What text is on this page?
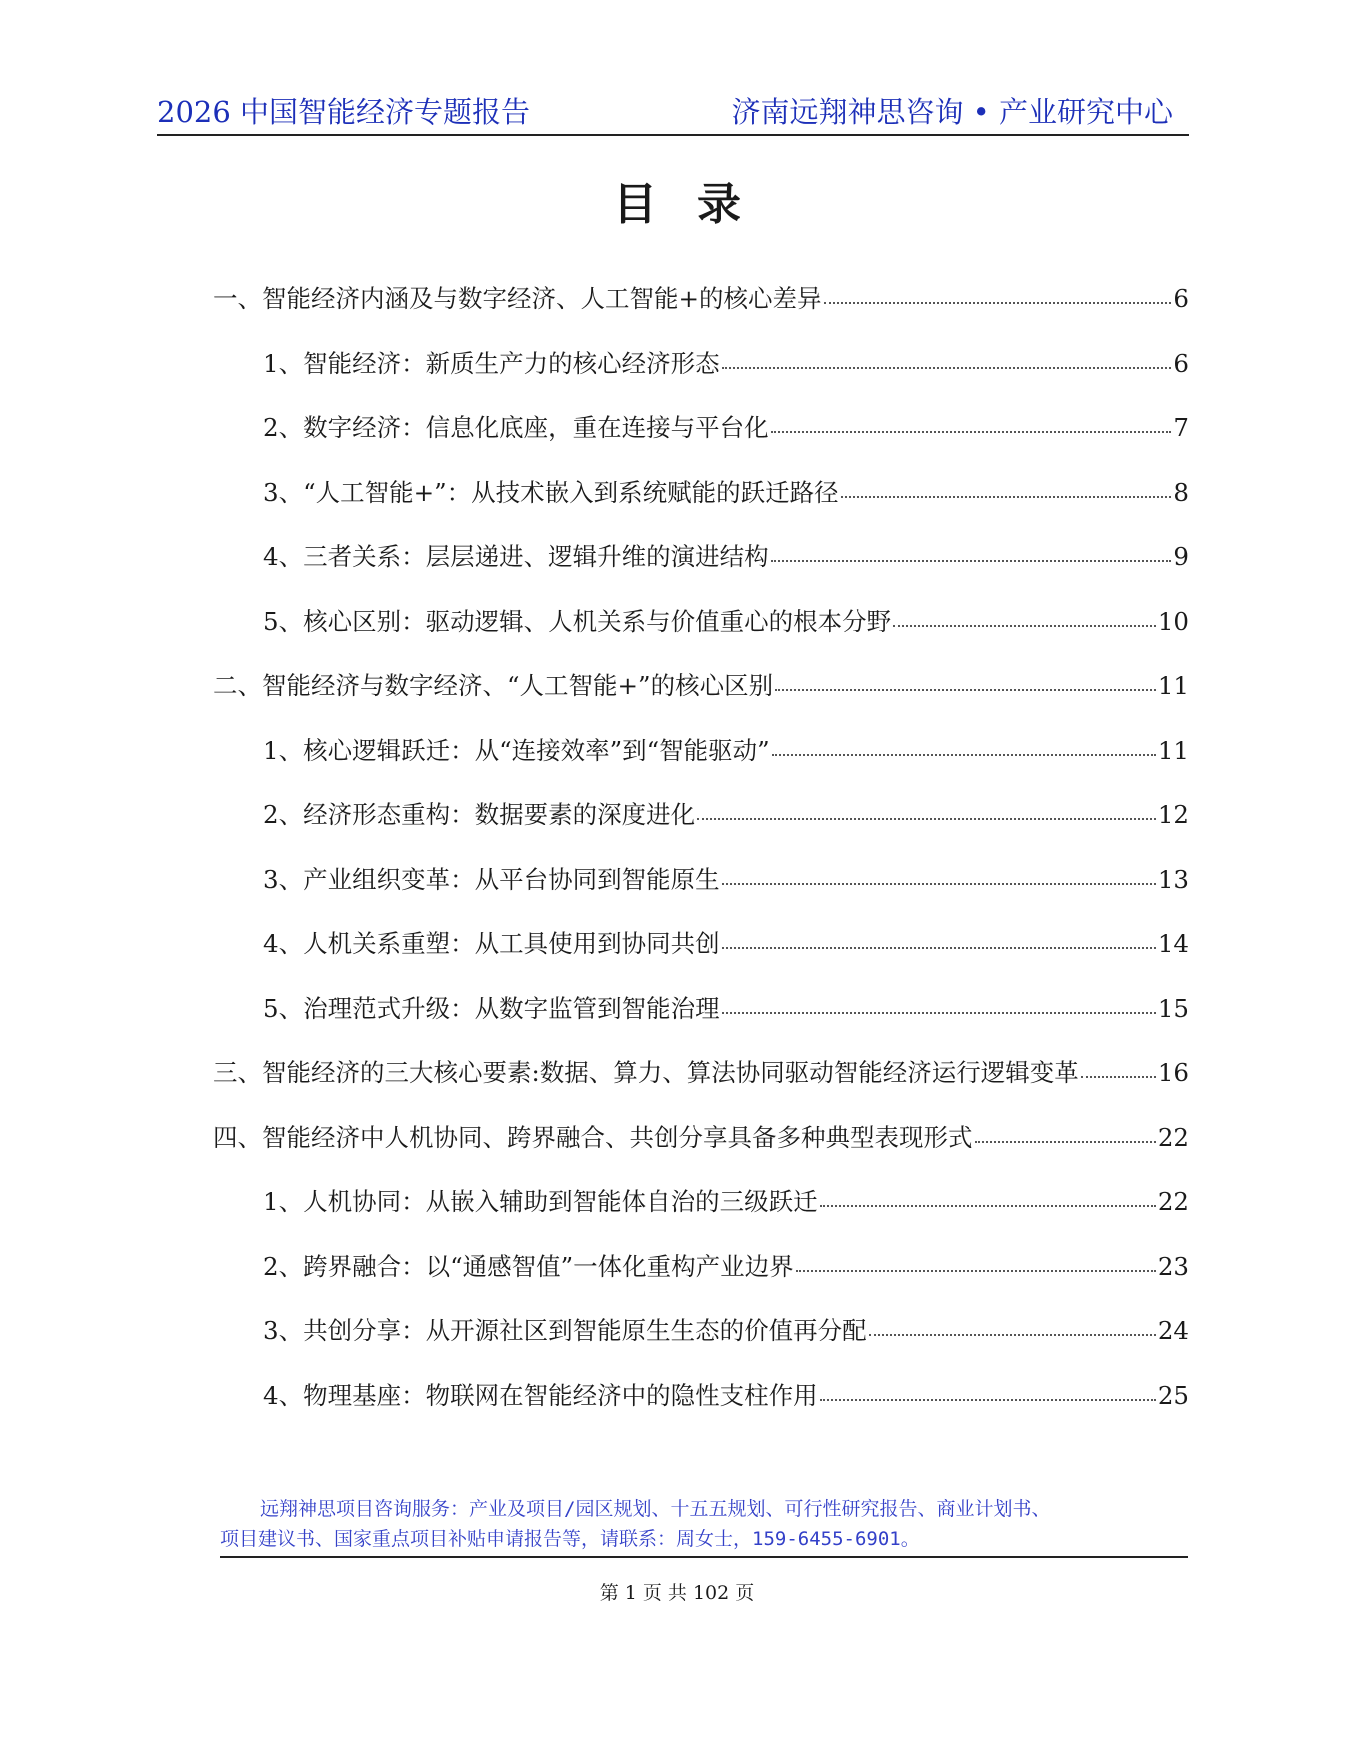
2026 中国智能经济专题报告	济南远翔神思咨询 • 产业研究中心
目录
一、智能经济内涵及与数字经济、人工智能+的核心差异	6
1、智能经济：新质生产力的核心经济形态	6
2、数字经济：信息化底座，重在连接与平台化	7
3、“人工智能+”：从技术嵌入到系统赋能的跃迁路径	8
4、三者关系：层层递进、逻辑升维的演进结构	9
5、核心区别：驱动逻辑、人机关系与价值重心的根本分野	10
二、智能经济与数字经济、“人工智能+”的核心区别	11
1、核心逻辑跃迁：从“连接效率”到“智能驱动”	11
2、经济形态重构：数据要素的深度进化	12
3、产业组织变革：从平台协同到智能原生	13
4、人机关系重塑：从工具使用到协同共创	14
5、治理范式升级：从数字监管到智能治理	15
三、智能经济的三大核心要素:数据、算力、算法协同驱动智能经济运行逻辑变革	16
四、智能经济中人机协同、跨界融合、共创分享具备多种典型表现形式	22
1、人机协同：从嵌入辅助到智能体自治的三级跃迁	22
2、跨界融合：以“通感智值”一体化重构产业边界	23
3、共创分享：从开源社区到智能原生生态的价值再分配	24
4、物理基座：物联网在智能经济中的隐性支柱作用	25
远翔神思项目咨询服务：产业及项目/园区规划、十五五规划、可行性研究报告、商业计划书、
项目建议书、国家重点项目补贴申请报告等，请联系：周女士，159-6455-6901。
第 1 页 共 102 页
